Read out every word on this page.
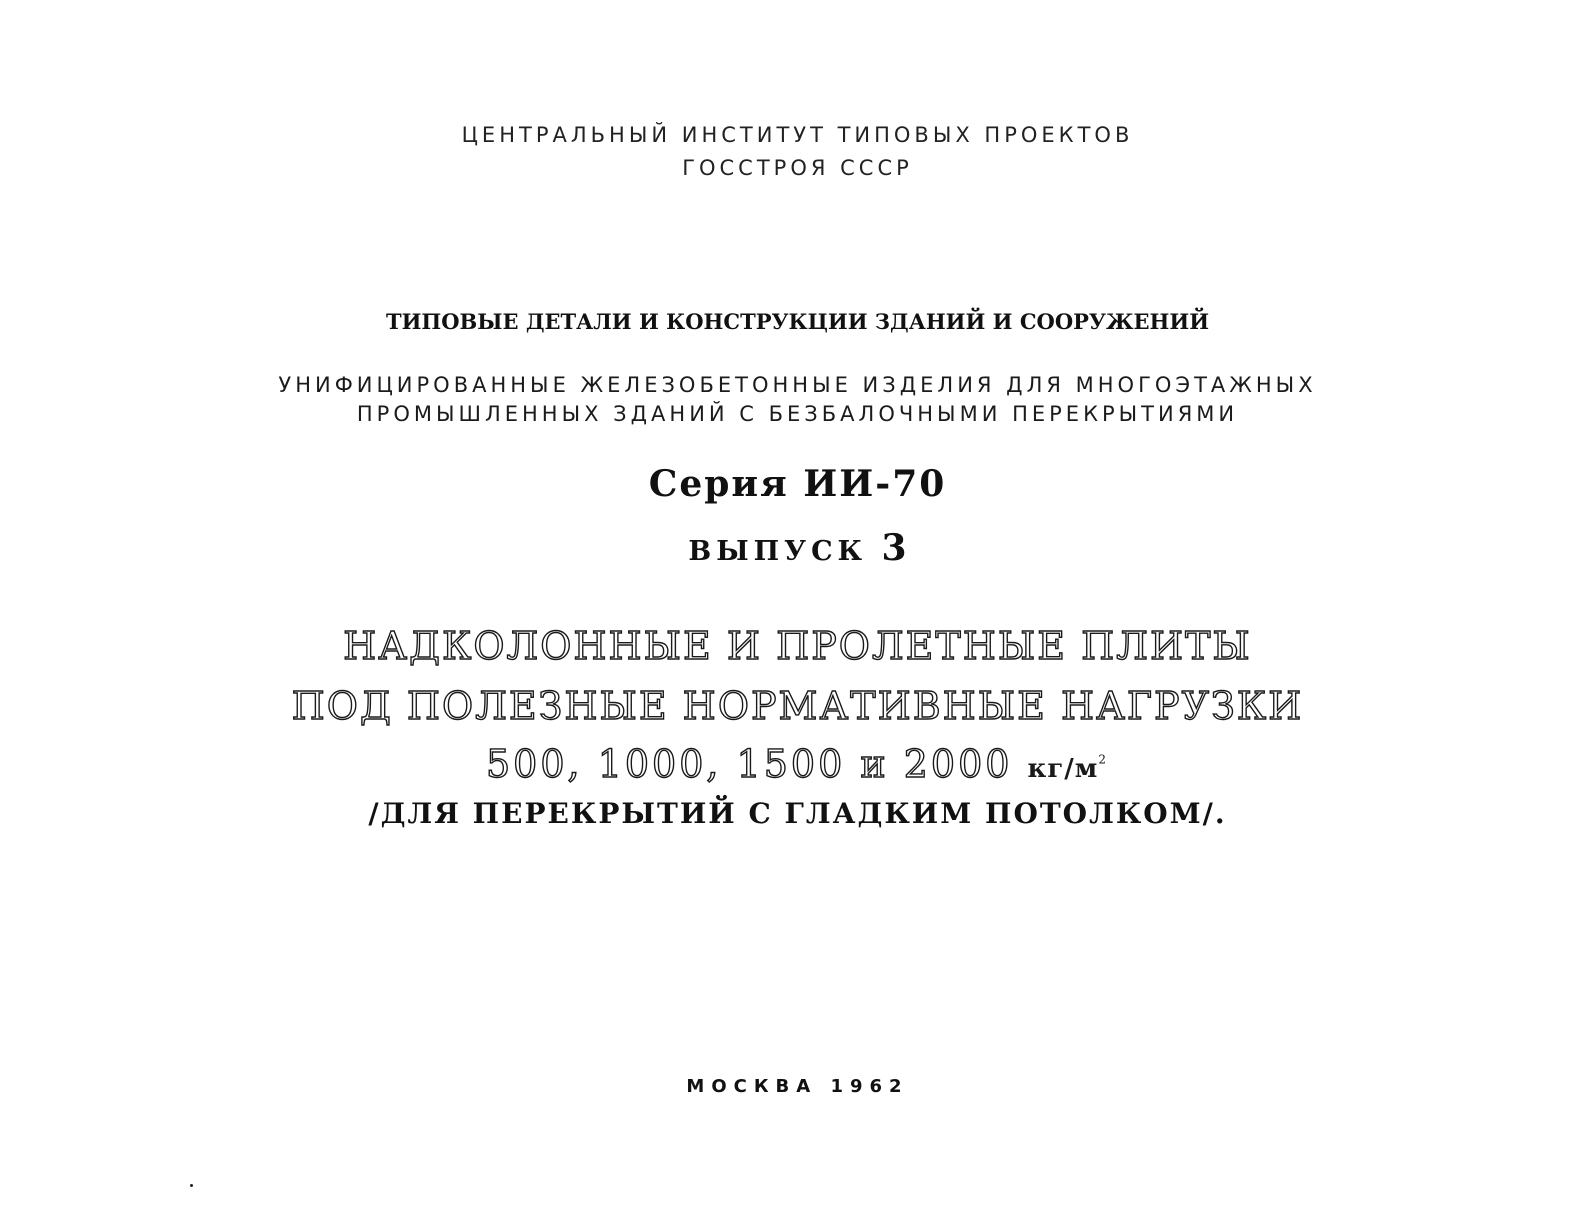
ЦЕНТРАЛЬНЫЙ ИНСТИТУТ ТИПОВЫХ ПРОЕКТОВ
ГОССТРОЯ СССР
ТИПОВЫЕ ДЕТАЛИ И КОНСТРУКЦИИ ЗДАНИЙ И СООРУЖЕНИЙ
УНИФИЦИРОВАННЫЕ ЖЕЛЕЗОБЕТОННЫЕ ИЗДЕЛИЯ ДЛЯ МНОГОЭТАЖНЫХ
ПРОМЫШЛЕННЫХ ЗДАНИЙ С БЕЗБАЛОЧНЫМИ ПЕРЕКРЫТИЯМИ
Серия ИИ-70
ВЫПУСК 3
НАДКОЛОННЫЕ И ПРОЛЕТНЫЕ ПЛИТЫ
ПОД ПОЛЕЗНЫЕ НОРМАТИВНЫЕ НАГРУЗКИ
500, 1000, 1500 и 2000 $кг/м^2$
/ДЛЯ ПЕРЕКРЫТИЙ С ГЛАДКИМ ПОТОЛКОМ/.
МОСКВА 1962
